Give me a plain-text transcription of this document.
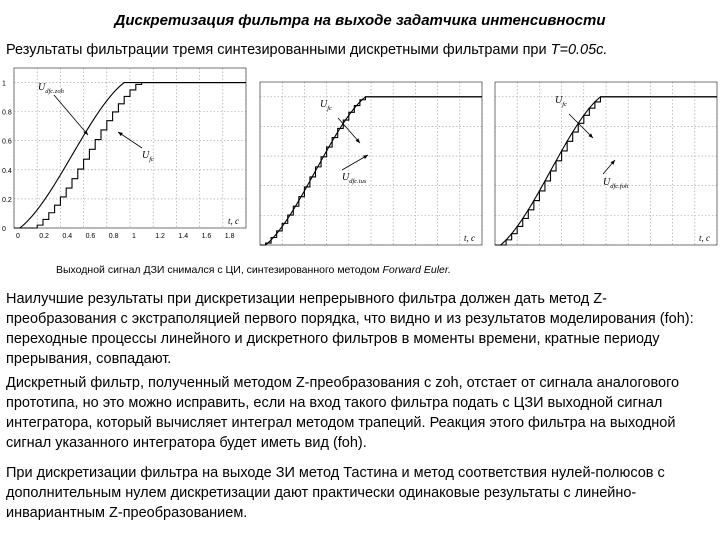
Дискретизация фильтра на выходе задатчика интенсивности
Результаты фильтрации тремя синтезированными дискретными фильтрами при T=0.05c.
0	0.2 0.4 0.6 0.8 1	1.2 1.4 1.6 1.8
0
0.2
0.4
0.6
0.8
1
t, c
$U_{dfc.zoh}$
$U_{fc}$
t, c
$U_{fc}$
$U_{dfc.tus}$
t, c
$U_{fc}$
$U_{dfc.foh}$
Выходной сигнал ДЗИ снимался с ЦИ, синтезированного методом Forward Euler.
Наилучшие результаты при дискретизации непрерывного фильтра должен дать метод Z-преобразования с экстраполяцией первого порядка, что видно и из результатов моделирования (foh): переходные процессы линейного и дискретного фильтров в моменты времени, кратные периоду прерывания, совпадают.
Дискретный фильтр, полученный методом Z-преобразования с zoh, отстает от сигнала аналогового прототипа, но это можно исправить, если на вход такого фильтра подать с ЦЗИ выходной сигнал интегратора, который вычисляет интеграл методом трапеций. Реакция этого фильтра на выходной сигнал указанного интегратора будет иметь вид (foh).
При дискретизации фильтра на выходе ЗИ метод Тастина и метод соответствия нулей-полюсов с дополнительным нулем дискретизации дают практически одинаковые результаты с линейно-инвариантным Z-преобразованием.
